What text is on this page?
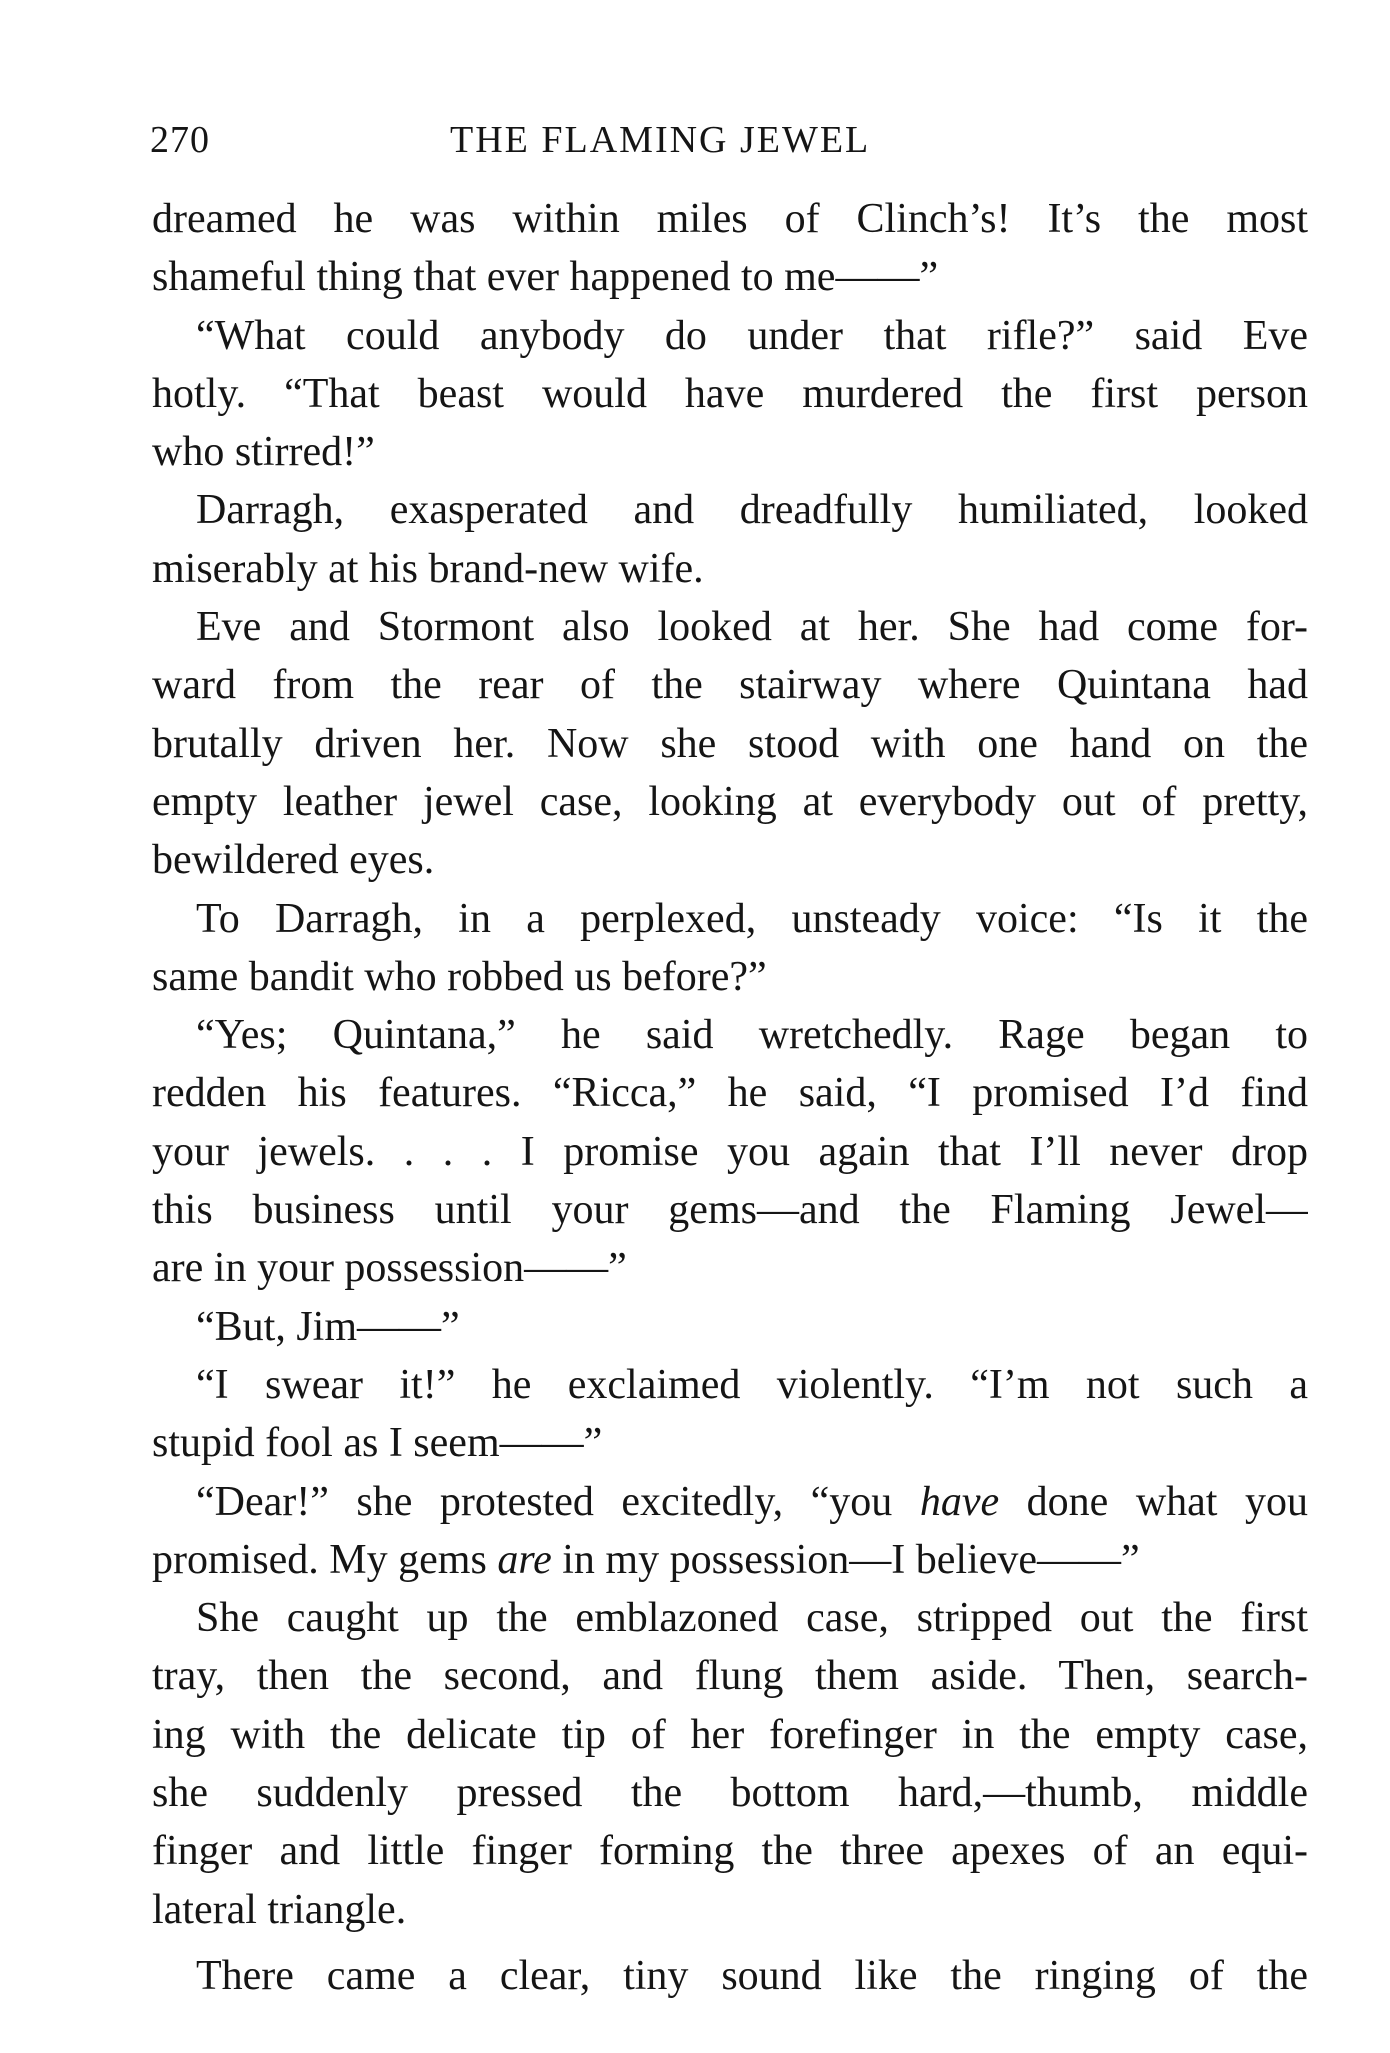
270	THE FLAMING JEWEL
dreamed he was within miles of Clinch’s! It’s the most
shameful thing that ever happened to me——”
“What could anybody do under that rifle?” said Eve
hotly. “That beast would have murdered the first person
who stirred!”
Darragh, exasperated and dreadfully humiliated, looked
miserably at his brand-new wife.
Eve and Stormont also looked at her. She had come for-
ward from the rear of the stairway where Quintana had
brutally driven her. Now she stood with one hand on the
empty leather jewel case, looking at everybody out of pretty,
bewildered eyes.
To Darragh, in a perplexed, unsteady voice: “Is it the
same bandit who robbed us before?”
“Yes; Quintana,” he said wretchedly. Rage began to
redden his features. “Ricca,” he said, “I promised I’d find
your jewels. . . . I promise you again that I’ll never drop
this business until your gems—and the Flaming Jewel—
are in your possession——”
“But, Jim——”
“I swear it!” he exclaimed violently. “I’m not such a
stupid fool as I seem——”
“Dear!” she protested excitedly, “you have done what you
promised. My gems are in my possession—I believe——”
She caught up the emblazoned case, stripped out the first
tray, then the second, and flung them aside. Then, search-
ing with the delicate tip of her forefinger in the empty case,
she suddenly pressed the bottom hard,—thumb, middle
finger and little finger forming the three apexes of an equi-
lateral triangle.
There came a clear, tiny sound like the ringing of the
